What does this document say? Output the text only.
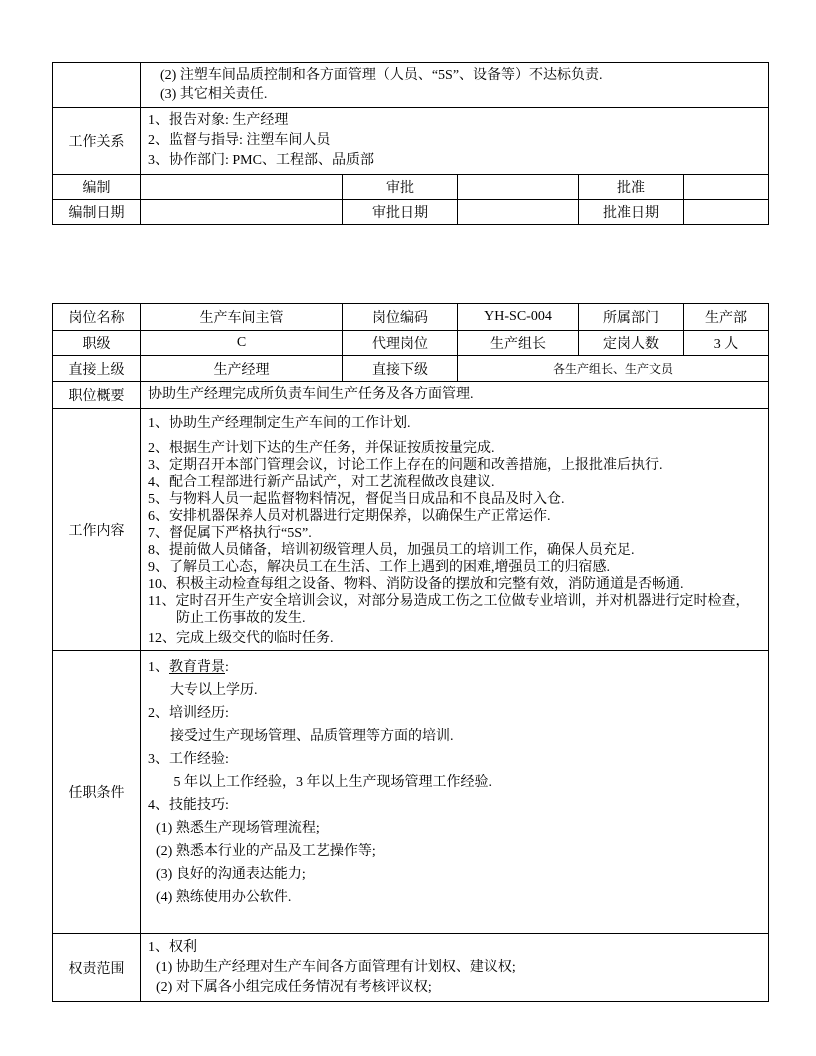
	(2) 注塑车间品质控制和各方面管理（人员、“5S”、设备等）不达标负责.
(3) 其它相关责任.				

工作关系	1、报告对象: 生产经理
2、监督与指导: 注塑车间人员
3、协作部门: PMC、工程部、品质部				

编制		审批		批准	
编制日期		审批日期		批准日期	
岗位名称	生产车间主管	岗位编码	YH-SC-004	所属部门	生产部
职级	C	代理岗位	生产组长	定岗人数	3 人
直接上级	生产经理	直接下级	各生产组长、生产文员		
职位概要	协助生产经理完成所负责车间生产任务及各方面管理.				

工作内容	
1、协助生产经理制定生产车间的工作计划.
2、根据生产计划下达的生产任务，并保证按质按量完成.
3、定期召开本部门管理会议，讨论工作上存在的问题和改善措施，上报批准后执行.
4、配合工程部进行新产品试产，对工艺流程做改良建议.
5、与物料人员一起监督物料情况，督促当日成品和不良品及时入仓.
6、安排机器保养人员对机器进行定期保养，以确保生产正常运作.
7、督促属下严格执行“5S”.
8、提前做人员储备，培训初级管理人员，加强员工的培训工作，确保人员充足.
9、了解员工心态，解决员工在生活、工作上遇到的困难,增强员工的归宿感.
10、积极主动检查每组之设备、物料、消防设备的摆放和完整有效，消防通道是否畅通.
11、定时召开生产安全培训会议，对部分易造成工伤之工位做专业培训，并对机器进行定时检查，防止工伤事故的发生.
12、完成上级交代的临时任务.

任职条件	
1、教育背景:
大专以上学历.
2、培训经历:
接受过生产现场管理、品质管理等方面的培训.
3、工作经验:
5 年以上工作经验，3 年以上生产现场管理工作经验.
4、技能技巧:
(1) 熟悉生产现场管理流程;
(2) 熟悉本行业的产品及工艺操作等;
(3) 良好的沟通表达能力;
(4) 熟练使用办公软件.

权责范围	1、权利
(1) 协助生产经理对生产车间各方面管理有计划权、建议权;
(2) 对下属各小组完成任务情况有考核评议权;				
